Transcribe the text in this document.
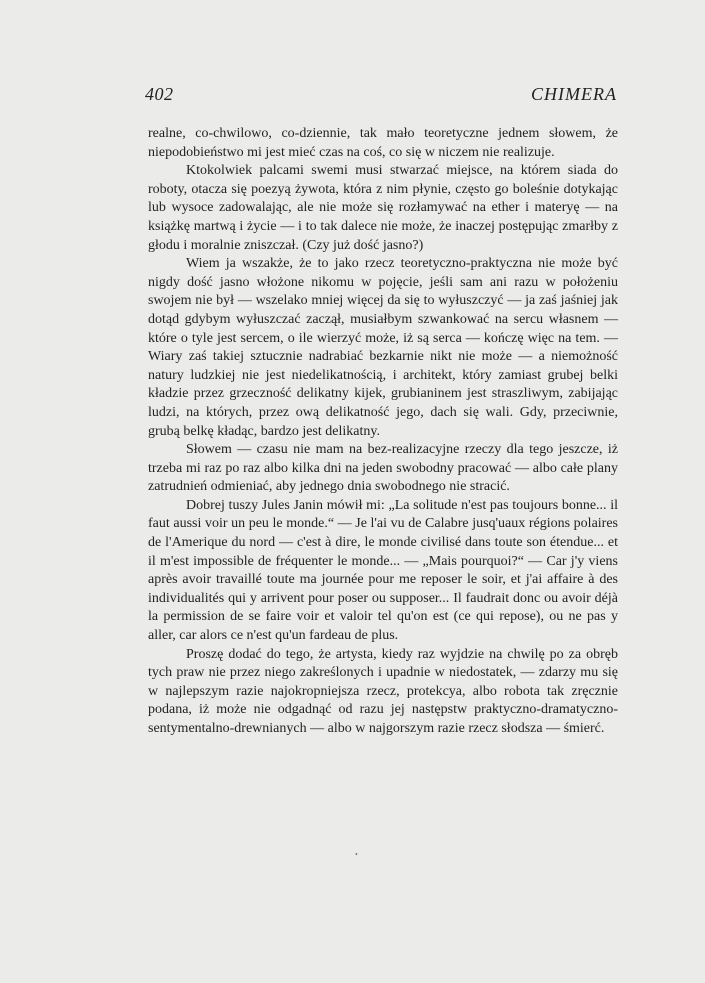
402	CHIMERA

realne, co-chwilowo, co-dziennie, tak mało teoretyczne jednem słowem, że niepodobieństwo mi jest mieć czas na coś, co się w niczem nie realizuje.

Ktokolwiek palcami swemi musi stwarzać miejsce, na którem siada do roboty, otacza się poezyą żywota, która z nim płynie, często go boleśnie dotykając lub wysoce zadowalając, ale nie może się rozłamywać na ether i materyę — na książkę martwą i życie — i to tak dalece nie może, że inaczej postępując zmarłby z głodu i moralnie zniszczał. (Czy już dość jasno?)

Wiem ja wszakże, że to jako rzecz teoretyczno-praktyczna nie może być nigdy dość jasno włożone nikomu w pojęcie, jeśli sam ani razu w położeniu swojem nie był — wszelako mniej więcej da się to wyłuszczyć — ja zaś jaśniej jak dotąd gdybym wyłuszczać zaczął, musiałbym szwankować na sercu własnem — które o tyle jest sercem, o ile wierzyć może, iż są serca — kończę więc na tem. — Wiary zaś takiej sztucznie nadrabiać bezkarnie nikt nie może — a niemożność natury ludzkiej nie jest niedelikatnością, i architekt, który zamiast grubej belki kładzie przez grzeczność delikatny kijek, grubianinem jest straszliwym, zabijając ludzi, na których, przez ową delikatność jego, dach się wali. Gdy, przeciwnie, grubą belkę kładąc, bardzo jest delikatny.

Słowem — czasu nie mam na bez-realizacyjne rzeczy dla tego jeszcze, iż trzeba mi raz po raz albo kilka dni na jeden swobodny pracować — albo całe plany zatrudnień odmieniać, aby jednego dnia swobodnego nie stracić.

Dobrej tuszy Jules Janin mówił mi: „La solitude n'est pas toujours bonne... il faut aussi voir un peu le monde.“ — Je l'ai vu de Calabre jusq'uaux régions polaires de l'Amerique du nord — c'est à dire, le monde civilisé dans toute son étendue... et il m'est impossible de fréquenter le monde... — „Mais pourquoi?“ — Car j'y viens après avoir travaillé toute ma journée pour me reposer le soir, et j'ai affaire à des individualités qui y arrivent pour poser ou supposer... Il faudrait donc ou avoir déjà la permission de se faire voir et valoir tel qu'on est (ce qui repose), ou ne pas y aller, car alors ce n'est qu'un fardeau de plus.

Proszę dodać do tego, że artysta, kiedy raz wyjdzie na chwilę po za obręb tych praw nie przez niego zakreślonych i upadnie w niedostatek, — zdarzy mu się w najlepszym razie najokropniejsza rzecz, protekcya, albo robota tak zręcznie podana, iż może nie odgadnąć od razu jej następstw praktyczno-dramatyczno-sentymentalno-drewnianych — albo w najgorszym razie rzecz słodsza — śmierć.

•
